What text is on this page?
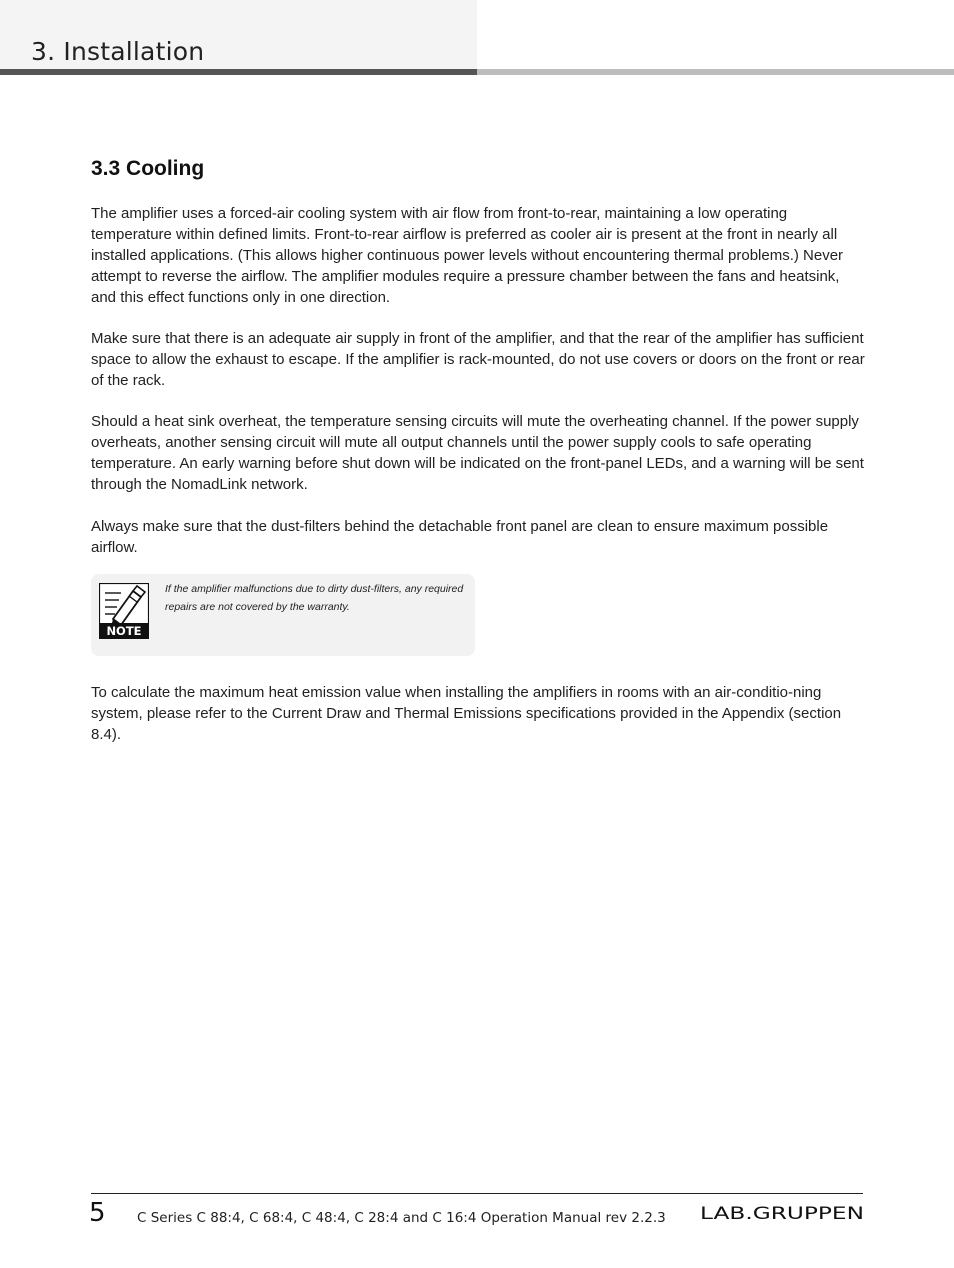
3. Installation
3.3 Cooling

The amplifier uses a forced-air cooling system with air flow from front-to-rear, maintaining a low operating temperature within defined limits. Front-to-rear airflow is preferred as cooler air is present at the front in nearly all installed applications. (This allows higher continuous power levels without encountering thermal problems.) Never attempt to reverse the airflow. The amplifier modules require a pressure chamber between the fans and heatsink, and this effect functions only in one direction.

Make sure that there is an adequate air supply in front of the amplifier, and that the rear of the amplifier has sufficient space to allow the exhaust to escape. If the amplifier is rack-mounted, do not use covers or doors on the front or rear of the rack.

Should a heat sink overheat, the temperature sensing circuits will mute the overheating channel. If the power supply overheats, another sensing circuit will mute all output channels until the power supply cools to safe operating temperature. An early warning before shut down will be indicated on the front-panel LEDs, and a warning will be sent through the NomadLink network.

Always make sure that the dust-filters behind the detachable front panel are clean to ensure maximum possible airflow.

NOTE

If the amplifier malfunctions due to dirty dust-filters, any required repairs are not covered by the warranty.

To calculate the maximum heat emission value when installing the amplifiers in rooms with an air-conditio-ning system, please refer to the Current Draw and Thermal Emissions specifications provided in the Appendix (section 8.4).

5 C Series C 88:4, C 68:4, C 48:4, C 28:4 and C 16:4 Operation Manual rev 2.2.3 LAB.GRUPPEN
